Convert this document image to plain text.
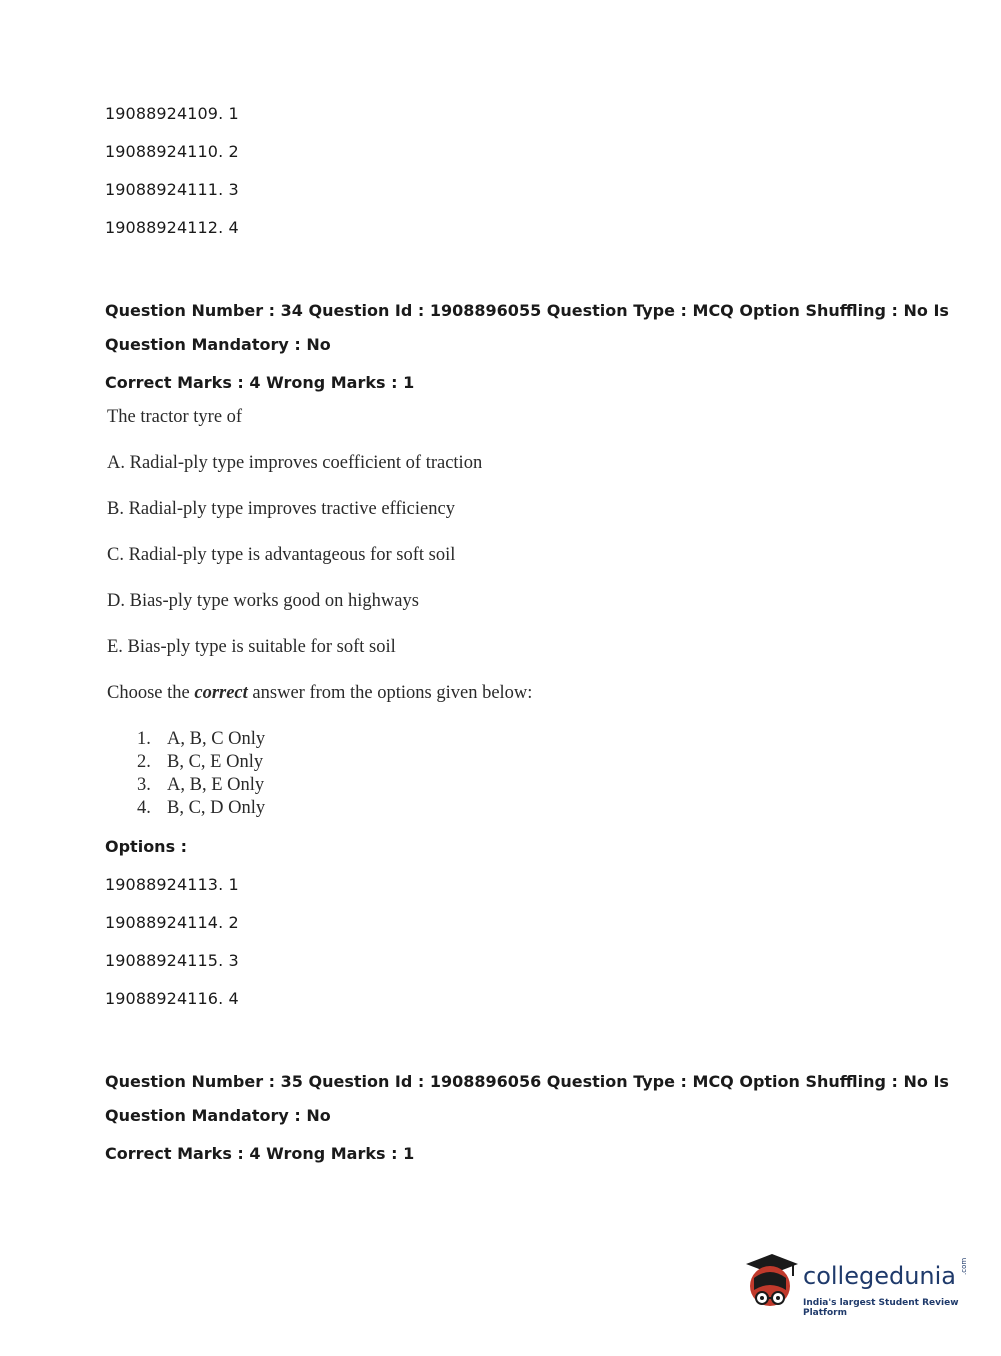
19088924109. 1
19088924110. 2
19088924111. 3
19088924112. 4
Question Number : 34 Question Id : 1908896055 Question Type : MCQ Option Shuffling : No Is
Question Mandatory : No
Correct Marks : 4 Wrong Marks : 1
The tractor tyre of
A. Radial-ply type improves coefficient of traction
B. Radial-ply type improves tractive efficiency
C. Radial-ply type is advantageous for soft soil
D. Bias-ply type works good on highways
E. Bias-ply type is suitable for soft soil
Choose the correct answer from the options given below:
1. A, B, C Only
2. B, C, E Only
3. A, B, E Only
4. B, C, D Only
Options :
19088924113. 1
19088924114. 2
19088924115. 3
19088924116. 4
Question Number : 35 Question Id : 1908896056 Question Type : MCQ Option Shuffling : No Is
Question Mandatory : No
Correct Marks : 4 Wrong Marks : 1
collegedunia .com
India's largest Student Review Platform
